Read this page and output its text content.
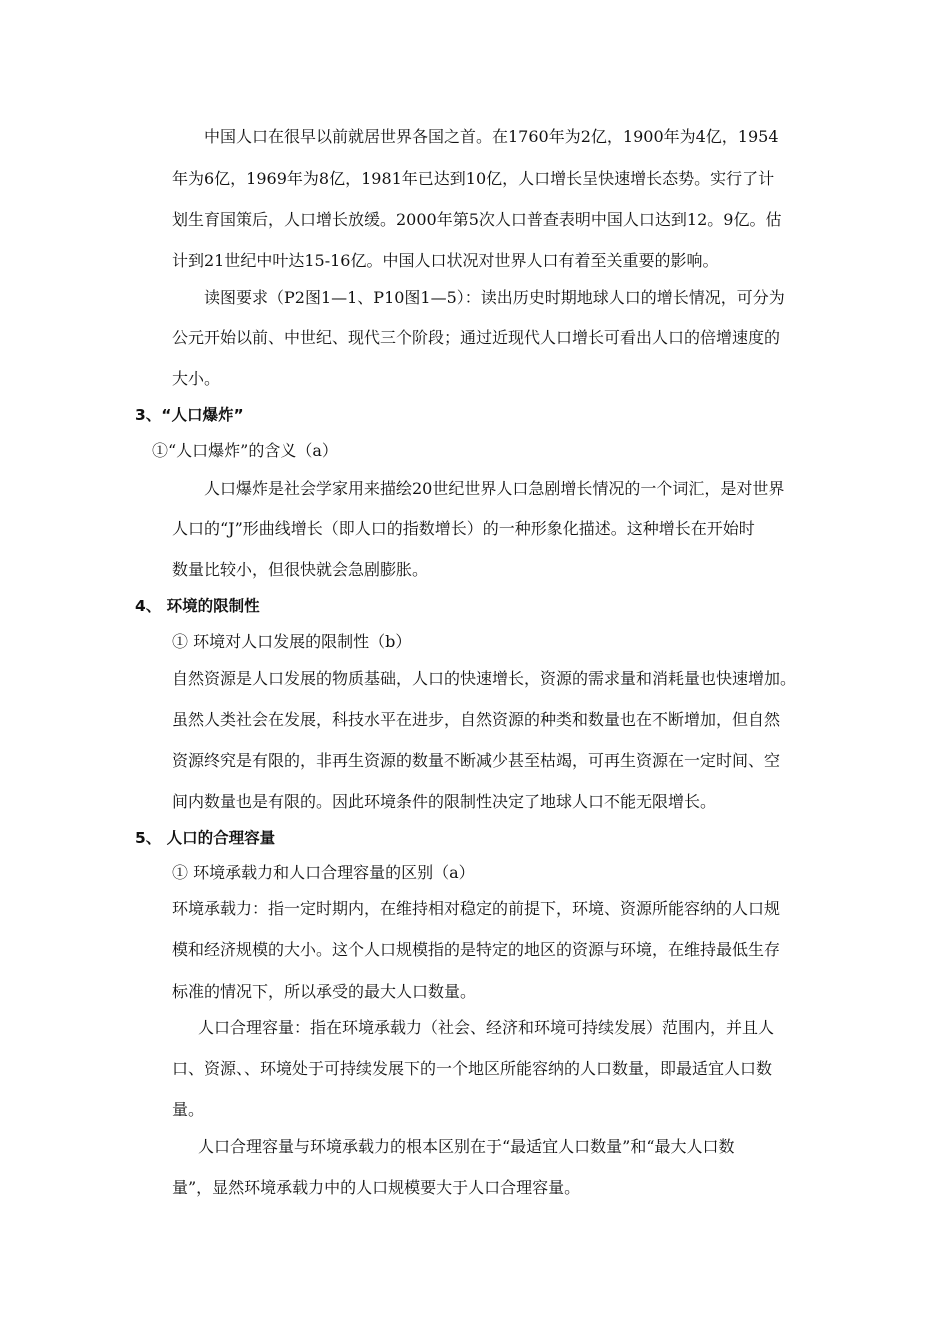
中国人口在很早以前就居世界各国之首。在1760年为2亿，1900年为4亿，1954
年为6亿，1969年为8亿，1981年已达到10亿，人口增长呈快速增长态势。实行了计
划生育国策后，人口增长放缓。2000年第5次人口普查表明中国人口达到12。9亿。估
计到21世纪中叶达15-16亿。中国人口状况对世界人口有着至关重要的影响。
读图要求（P2图1—1、P10图1—5）：读出历史时期地球人口的增长情况，可分为
公元开始以前、中世纪、现代三个阶段；通过近现代人口增长可看出人口的倍增速度的
大小。
3、“人口爆炸”
①“人口爆炸”的含义（a）
人口爆炸是社会学家用来描绘20世纪世界人口急剧增长情况的一个词汇，是对世界
人口的“J”形曲线增长（即人口的指数增长）的一种形象化描述。这种增长在开始时
数量比较小，但很快就会急剧膨胀。
4、 环境的限制性
① 环境对人口发展的限制性（b）
自然资源是人口发展的物质基础，人口的快速增长，资源的需求量和消耗量也快速增加。
虽然人类社会在发展，科技水平在进步，自然资源的种类和数量也在不断增加，但自然
资源终究是有限的，非再生资源的数量不断减少甚至枯竭，可再生资源在一定时间、空
间内数量也是有限的。因此环境条件的限制性决定了地球人口不能无限增长。
5、 人口的合理容量
① 环境承载力和人口合理容量的区别（a）
环境承载力：指一定时期内，在维持相对稳定的前提下，环境、资源所能容纳的人口规
模和经济规模的大小。这个人口规模指的是特定的地区的资源与环境，在维持最低生存
标准的情况下，所以承受的最大人口数量。
人口合理容量：指在环境承载力（社会、经济和环境可持续发展）范围内，并且人
口、资源、、环境处于可持续发展下的一个地区所能容纳的人口数量，即最适宜人口数
量。
人口合理容量与环境承载力的根本区别在于“最适宜人口数量”和“最大人口数
量”，显然环境承载力中的人口规模要大于人口合理容量。
